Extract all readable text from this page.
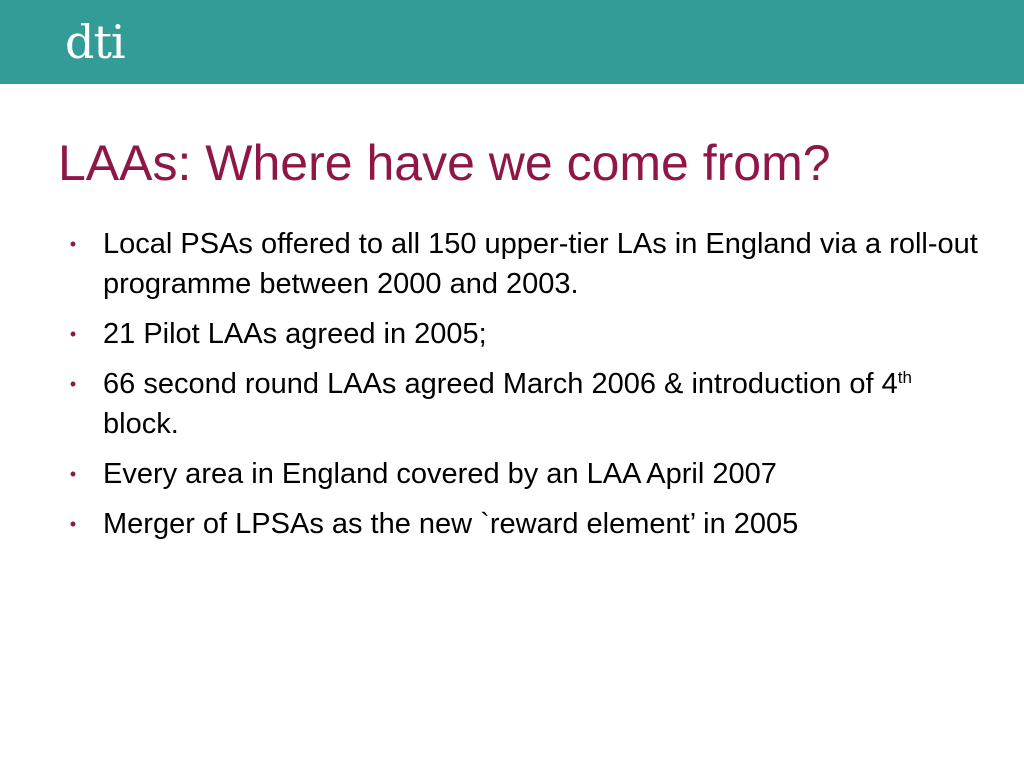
dti
LAAs: Where have we come from?
• Local PSAs offered to all 150 upper-tier LAs in England via a roll-out programme between 2000 and 2003.
• 21 Pilot LAAs agreed in 2005;
• 66 second round LAAs agreed March 2006 & introduction of 4th block.
• Every area in England covered by an LAA April 2007
• Merger of LPSAs as the new `reward element’ in 2005
